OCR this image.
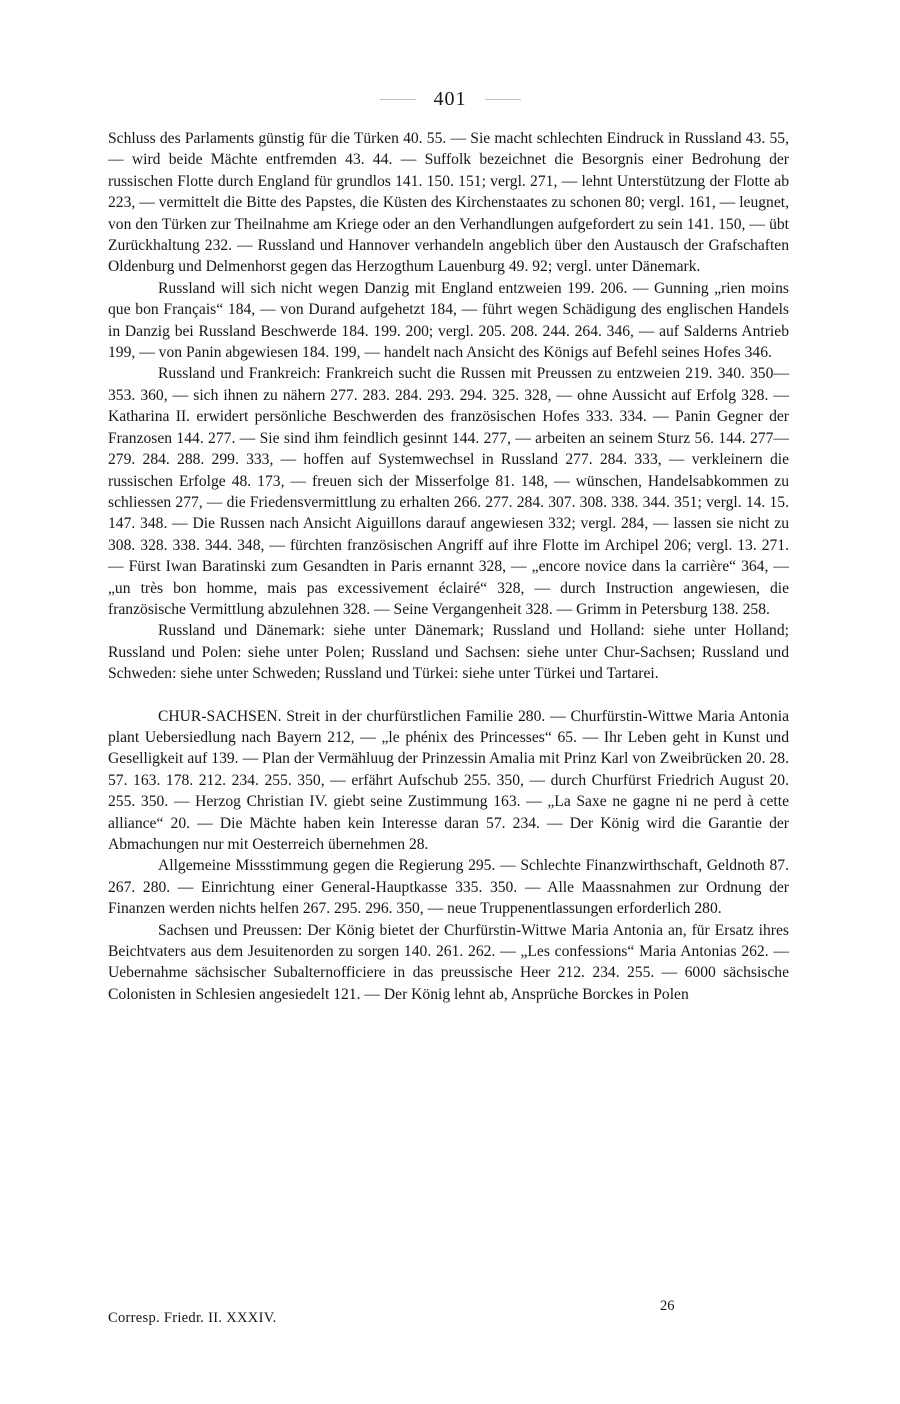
401

Schluss des Parlaments günstig für die Türken 40. 55. — Sie macht schlechten Eindruck in Russland 43. 55, — wird beide Mächte entfremden 43. 44. — Suffolk bezeichnet die Besorgnis einer Bedrohung der russischen Flotte durch England für grundlos 141. 150. 151; vergl. 271, — lehnt Unterstützung der Flotte ab 223, — vermittelt die Bitte des Papstes, die Küsten des Kirchenstaates zu schonen 80; vergl. 161, — leugnet, von den Türken zur Theilnahme am Kriege oder an den Verhandlungen aufgefordert zu sein 141. 150, — übt Zurückhaltung 232. — Russland und Hannover verhandeln angeblich über den Austausch der Grafschaften Oldenburg und Delmenhorst gegen das Herzogthum Lauenburg 49. 92; vergl. unter Dänemark.

Russland will sich nicht wegen Danzig mit England entzweien 199. 206. — Gunning „rien moins que bon Français“ 184, — von Durand aufgehetzt 184, — führt wegen Schädigung des englischen Handels in Danzig bei Russland Beschwerde 184. 199. 200; vergl. 205. 208. 244. 264. 346, — auf Salderns Antrieb 199, — von Panin abgewiesen 184. 199, — handelt nach Ansicht des Königs auf Befehl seines Hofes 346.

Russland und Frankreich: Frankreich sucht die Russen mit Preussen zu entzweien 219. 340. 350—353. 360, — sich ihnen zu nähern 277. 283. 284. 293. 294. 325. 328, — ohne Aussicht auf Erfolg 328. — Katharina II. erwidert persönliche Beschwerden des französischen Hofes 333. 334. — Panin Gegner der Franzosen 144. 277. — Sie sind ihm feindlich gesinnt 144. 277, — arbeiten an seinem Sturz 56. 144. 277—279. 284. 288. 299. 333, — hoffen auf Systemwechsel in Russland 277. 284. 333, — verkleinern die russischen Erfolge 48. 173, — freuen sich der Misserfolge 81. 148, — wünschen, Handelsabkommen zu schliessen 277, — die Friedensvermittlung zu erhalten 266. 277. 284. 307. 308. 338. 344. 351; vergl. 14. 15. 147. 348. — Die Russen nach Ansicht Aiguillons darauf angewiesen 332; vergl. 284, — lassen sie nicht zu 308. 328. 338. 344. 348, — fürchten französischen Angriff auf ihre Flotte im Archipel 206; vergl. 13. 271. — Fürst Iwan Baratinski zum Gesandten in Paris ernannt 328, — „encore novice dans la carrière“ 364, — „un très bon homme, mais pas excessivement éclairé“ 328, — durch Instruction angewiesen, die französische Vermittlung abzulehnen 328. — Seine Vergangenheit 328. — Grimm in Petersburg 138. 258.

Russland und Dänemark: siehe unter Dänemark; Russland und Holland: siehe unter Holland; Russland und Polen: siehe unter Polen; Russland und Sachsen: siehe unter Chur-Sachsen; Russland und Schweden: siehe unter Schweden; Russland und Türkei: siehe unter Türkei und Tartarei.

CHUR-SACHSEN. Streit in der churfürstlichen Familie 280. — Churfürstin-Wittwe Maria Antonia plant Uebersiedlung nach Bayern 212, — „le phénix des Princesses“ 65. — Ihr Leben geht in Kunst und Geselligkeit auf 139. — Plan der Vermähluug der Prinzessin Amalia mit Prinz Karl von Zweibrücken 20. 28. 57. 163. 178. 212. 234. 255. 350, — erfährt Aufschub 255. 350, — durch Churfürst Friedrich August 20. 255. 350. — Herzog Christian IV. giebt seine Zustimmung 163. — „La Saxe ne gagne ni ne perd à cette alliance“ 20. — Die Mächte haben kein Interesse daran 57. 234. — Der König wird die Garantie der Abmachungen nur mit Oesterreich übernehmen 28.

Allgemeine Missstimmung gegen die Regierung 295. — Schlechte Finanzwirthschaft, Geldnoth 87. 267. 280. — Einrichtung einer General-Hauptkasse 335. 350. — Alle Maassnahmen zur Ordnung der Finanzen werden nichts helfen 267. 295. 296. 350, — neue Truppenentlassungen erforderlich 280.

Sachsen und Preussen: Der König bietet der Churfürstin-Wittwe Maria Antonia an, für Ersatz ihres Beichtvaters aus dem Jesuitenorden zu sorgen 140. 261. 262. — „Les confessions“ Maria Antonias 262. — Uebernahme sächsischer Subalternofficiere in das preussische Heer 212. 234. 255. — 6000 sächsische Colonisten in Schlesien angesiedelt 121. — Der König lehnt ab, Ansprüche Borckes in Polen

Corresp. Friedr. II. XXXIV.
26
